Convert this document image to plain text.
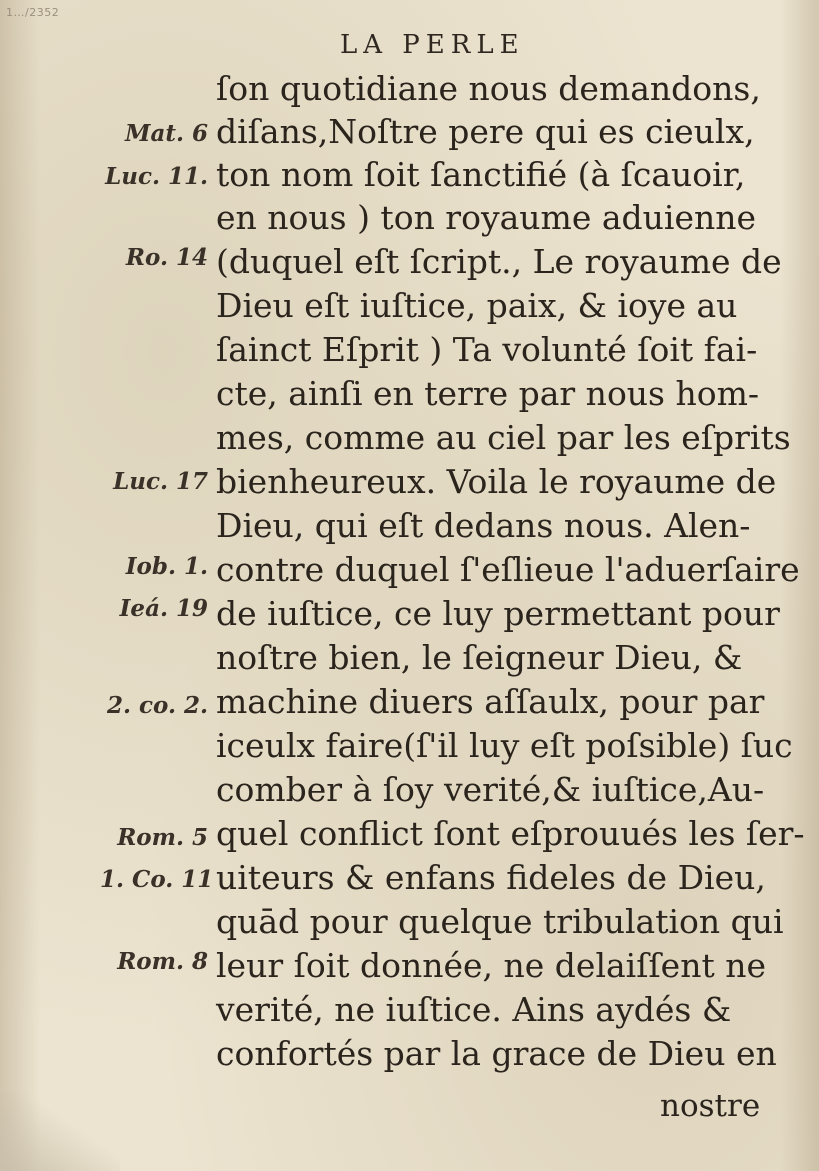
1…/2352
LA PERLE
ſon quotidiane nous demandons,
diſans,Noſtre pere qui es cieulx,
ton nom ſoit ſanctifié (à ſcauoir,
en nous ) ton royaume aduienne
(duquel eſt ſcript., Le royaume de
Dieu eſt iuſtice, paix, & ioye au
ſainct Eſprit ) Ta volunté ſoit fai-
cte, ainſi en terre par nous hom-
mes, comme au ciel par les eſprits
bienheureux. Voila le royaume de
Dieu, qui eſt dedans nous. Alen-
contre duquel ſ'eſlieue l'aduerſaire
de iuſtice, ce luy permettant pour
noſtre bien, le ſeigneur Dieu, &
machine diuers aſſaulx, pour par
iceulx faire(ſ'il luy eſt poſsible) ſuc
comber à ſoy verité,& iuſtice,Au-
quel conflict ſont eſprouués les ſer-
uiteurs & enfans fideles de Dieu,
quād pour quelque tribulation qui
leur ſoit donnée, ne delaiſſent ne
verité, ne iuſtice. Ains aydés &
confortés par la grace de Dieu en
Mat. 6
Luc. 11.
Ro. 14
Luc. 17
Iob. 1.
Ieá. 19
2. co. 2.
Rom. 5
1. Co. 11
Rom. 8
nostre
